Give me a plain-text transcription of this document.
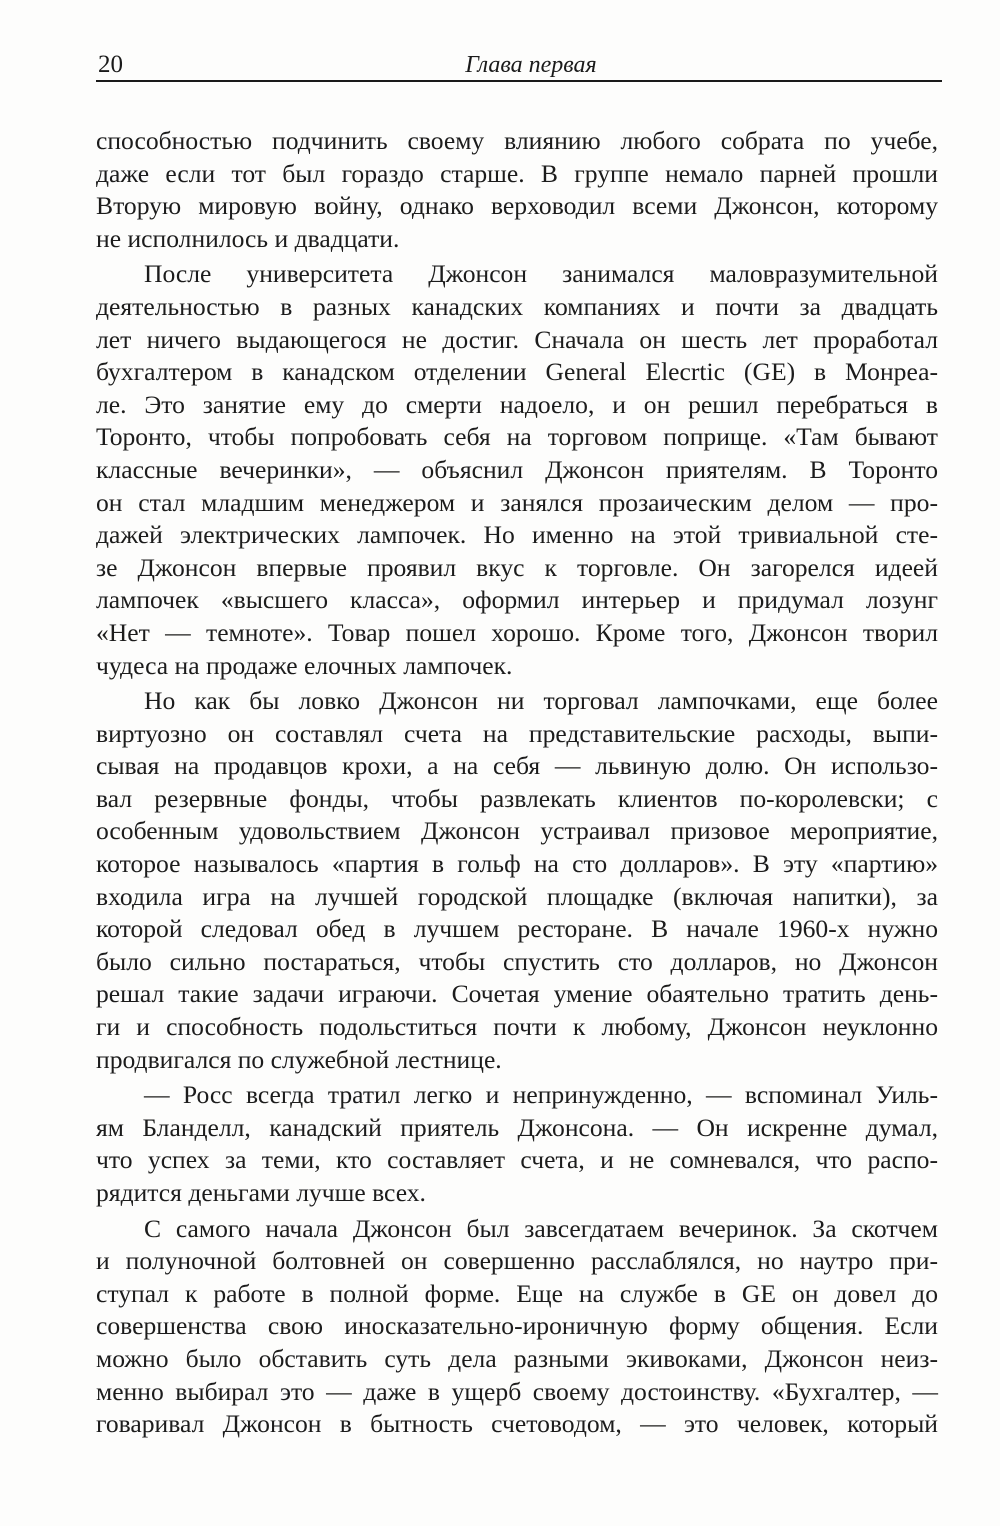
20	Глава первая

способностью подчинить своему влиянию любого собрата по учебе,

даже если тот был гораздо старше. В группе немало парней прошли

Вторую мировую войну, однако верховодил всеми Джонсон, которому

не исполнилось и двадцати.

После университета Джонсон занимался маловразумительной

деятельностью в разных канадских компаниях и почти за двадцать

лет ничего выдающегося не достиг. Сначала он шесть лет проработал

бухгалтером в канадском отделении General Elecrtic (GE) в Монреа-

ле. Это занятие ему до смерти надоело, и он решил перебраться в

Торонто, чтобы попробовать себя на торговом поприще. «Там бывают

классные вечеринки», — объяснил Джонсон приятелям. В Торонто

он стал младшим менеджером и занялся прозаическим делом — про-

дажей электрических лампочек. Но именно на этой тривиальной сте-

зе Джонсон впервые проявил вкус к торговле. Он загорелся идеей

лампочек «высшего класса», оформил интерьер и придумал лозунг

«Нет — темноте». Товар пошел хорошо. Кроме того, Джонсон творил

чудеса на продаже елочных лампочек.

Но как бы ловко Джонсон ни торговал лампочками, еще более

виртуозно он составлял счета на представительские расходы, выпи-

сывая на продавцов крохи, а на себя — львиную долю. Он использо-

вал резервные фонды, чтобы развлекать клиентов по-королевски; с

особенным удовольствием Джонсон устраивал призовое мероприятие,

которое называлось «партия в гольф на сто долларов». В эту «партию»

входила игра на лучшей городской площадке (включая напитки), за

которой следовал обед в лучшем ресторане. В начале 1960-х нужно

было сильно постараться, чтобы спустить сто долларов, но Джонсон

решал такие задачи играючи. Сочетая умение обаятельно тратить день-

ги и способность подольститься почти к любому, Джонсон неуклонно

продвигался по служебной лестнице.

— Росс всегда тратил легко и непринужденно, — вспоминал Уиль-

ям Бланделл, канадский приятель Джонсона. — Он искренне думал,

что успех за теми, кто составляет счета, и не сомневался, что распо-

рядится деньгами лучше всех.

С самого начала Джонсон был завсегдатаем вечеринок. За скотчем

и полуночной болтовней он совершенно расслаблялся, но наутро при-

ступал к работе в полной форме. Еще на службе в GE он довел до

совершенства свою иносказательно-ироничную форму общения. Если

можно было обставить суть дела разными экивоками, Джонсон неиз-

менно выбирал это — даже в ущерб своему достоинству. «Бухгалтер, —

говаривал Джонсон в бытность счетоводом, — это человек, который
